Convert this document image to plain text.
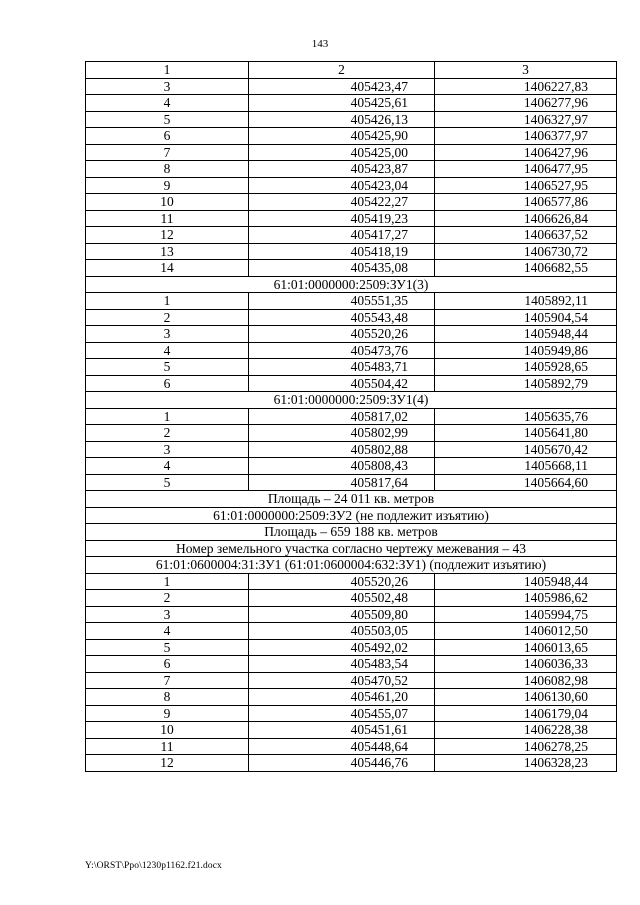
143
1	2	3
3	405423,47	1406227,83
4	405425,61	1406277,96
5	405426,13	1406327,97
6	405425,90	1406377,97
7	405425,00	1406427,96
8	405423,87	1406477,95
9	405423,04	1406527,95
10	405422,27	1406577,86
11	405419,23	1406626,84
12	405417,27	1406637,52
13	405418,19	1406730,72
14	405435,08	1406682,55
61:01:0000000:2509:ЗУ1(3)		
1	405551,35	1405892,11
2	405543,48	1405904,54
3	405520,26	1405948,44
4	405473,76	1405949,86
5	405483,71	1405928,65
6	405504,42	1405892,79
61:01:0000000:2509:ЗУ1(4)		
1	405817,02	1405635,76
2	405802,99	1405641,80
3	405802,88	1405670,42
4	405808,43	1405668,11
5	405817,64	1405664,60
Площадь – 24 011 кв. метров		
61:01:0000000:2509:ЗУ2 (не подлежит изъятию)		
Площадь – 659 188 кв. метров		
Номер земельного участка согласно чертежу межевания – 43		
61:01:0600004:31:ЗУ1 (61:01:0600004:632:ЗУ1) (подлежит изъятию)		
1	405520,26	1405948,44
2	405502,48	1405986,62
3	405509,80	1405994,75
4	405503,05	1406012,50
5	405492,02	1406013,65
6	405483,54	1406036,33
7	405470,52	1406082,98
8	405461,20	1406130,60
9	405455,07	1406179,04
10	405451,61	1406228,38
11	405448,64	1406278,25
12	405446,76	1406328,23
Y:\ORST\Ppo\1230p1162.f21.docx
